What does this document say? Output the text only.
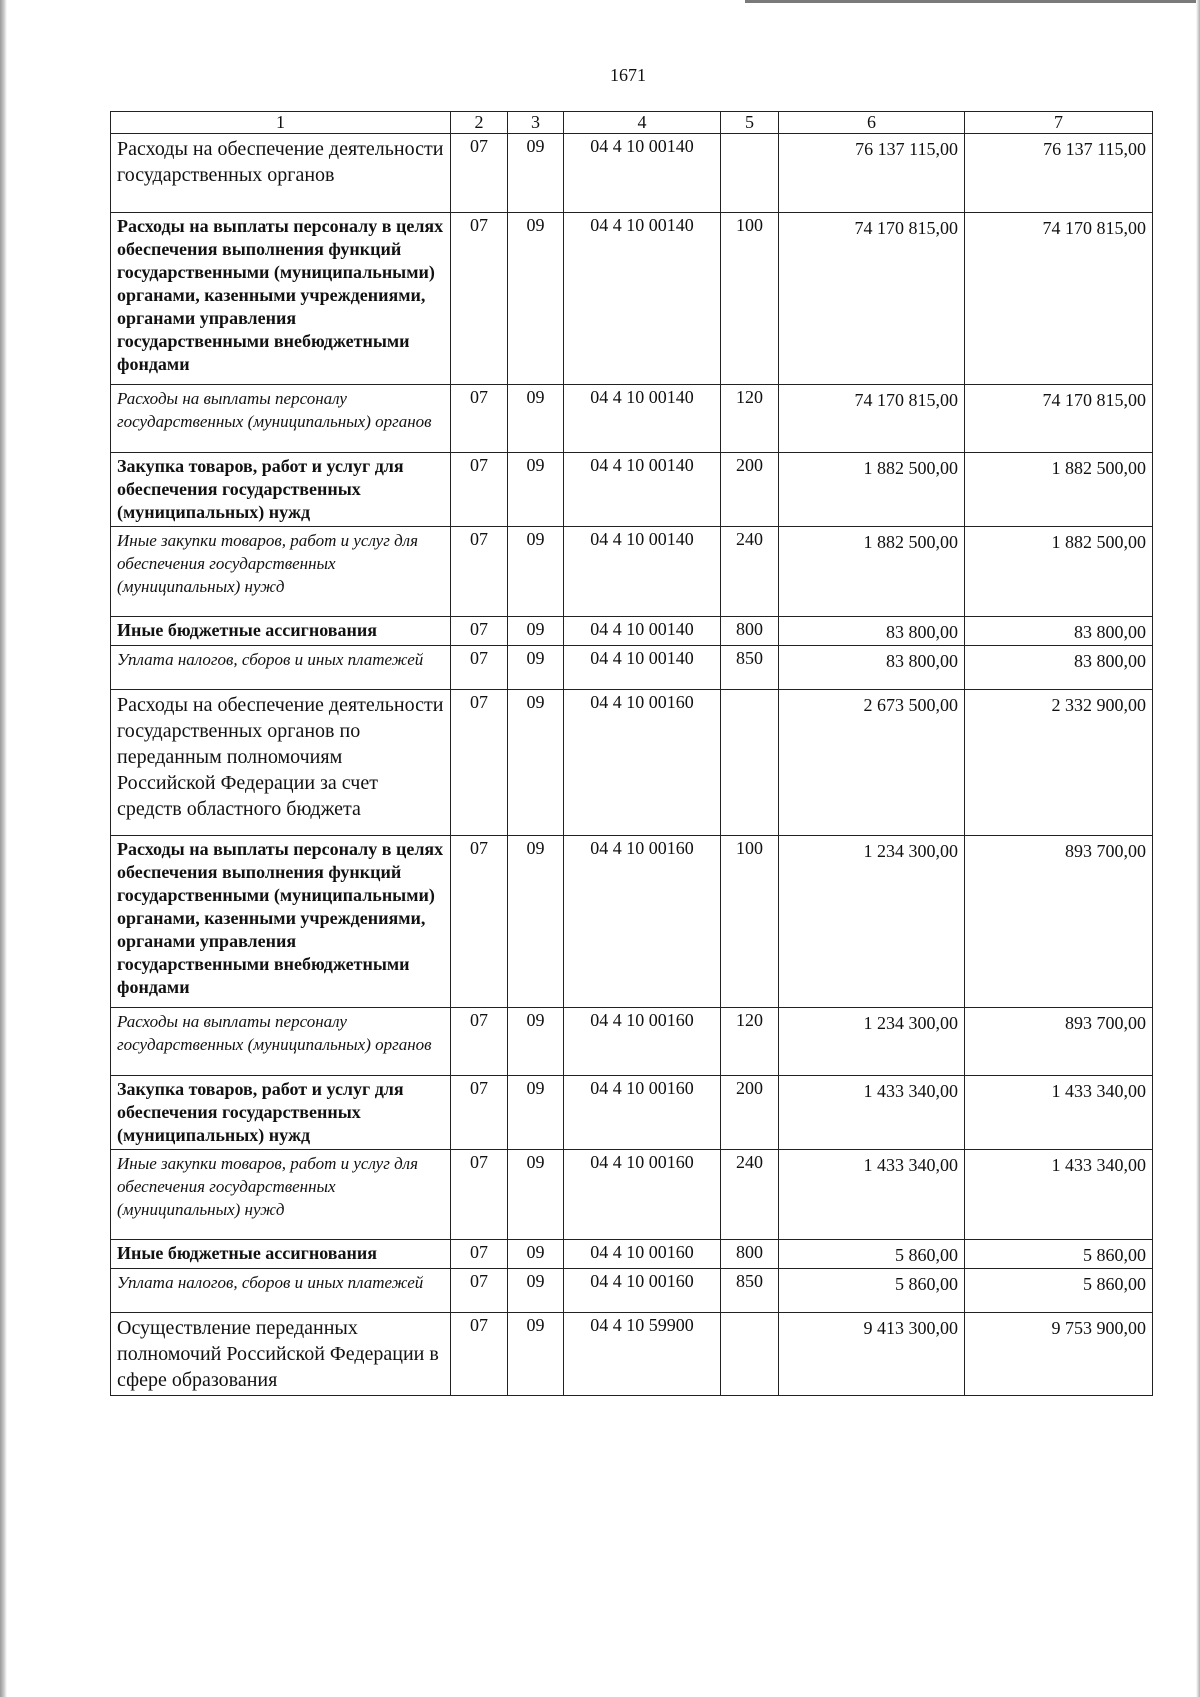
1671
1	2	3	4	5	6	7
Расходы на обеспечение деятельности государственных органов	07	09	04 4 10 00140		76 137 115,00	76 137 115,00
Расходы на выплаты персоналу в целях обеспечения выполнения функций государственными (муниципальными) органами, казенными учреждениями, органами управления государственными внебюджетными фондами	07	09	04 4 10 00140	100	74 170 815,00	74 170 815,00
Расходы на выплаты персоналу государственных (муниципальных) органов	07	09	04 4 10 00140	120	74 170 815,00	74 170 815,00
Закупка товаров, работ и услуг для обеспечения государственных (муниципальных) нужд	07	09	04 4 10 00140	200	1 882 500,00	1 882 500,00
Иные закупки товаров, работ и услуг для обеспечения государственных (муниципальных) нужд	07	09	04 4 10 00140	240	1 882 500,00	1 882 500,00
Иные бюджетные ассигнования	07	09	04 4 10 00140	800	83 800,00	83 800,00
Уплата налогов, сборов и иных платежей	07	09	04 4 10 00140	850	83 800,00	83 800,00
Расходы на обеспечение деятельности государственных органов по переданным полномочиям Российской Федерации за счет средств областного бюджета	07	09	04 4 10 00160		2 673 500,00	2 332 900,00
Расходы на выплаты персоналу в целях обеспечения выполнения функций государственными (муниципальными) органами, казенными учреждениями, органами управления государственными внебюджетными фондами	07	09	04 4 10 00160	100	1 234 300,00	893 700,00
Расходы на выплаты персоналу государственных (муниципальных) органов	07	09	04 4 10 00160	120	1 234 300,00	893 700,00
Закупка товаров, работ и услуг для обеспечения государственных (муниципальных) нужд	07	09	04 4 10 00160	200	1 433 340,00	1 433 340,00
Иные закупки товаров, работ и услуг для обеспечения государственных (муниципальных) нужд	07	09	04 4 10 00160	240	1 433 340,00	1 433 340,00
Иные бюджетные ассигнования	07	09	04 4 10 00160	800	5 860,00	5 860,00
Уплата налогов, сборов и иных платежей	07	09	04 4 10 00160	850	5 860,00	5 860,00
Осуществление переданных полномочий Российской Федерации в сфере образования	07	09	04 4 10 59900		9 413 300,00	9 753 900,00
